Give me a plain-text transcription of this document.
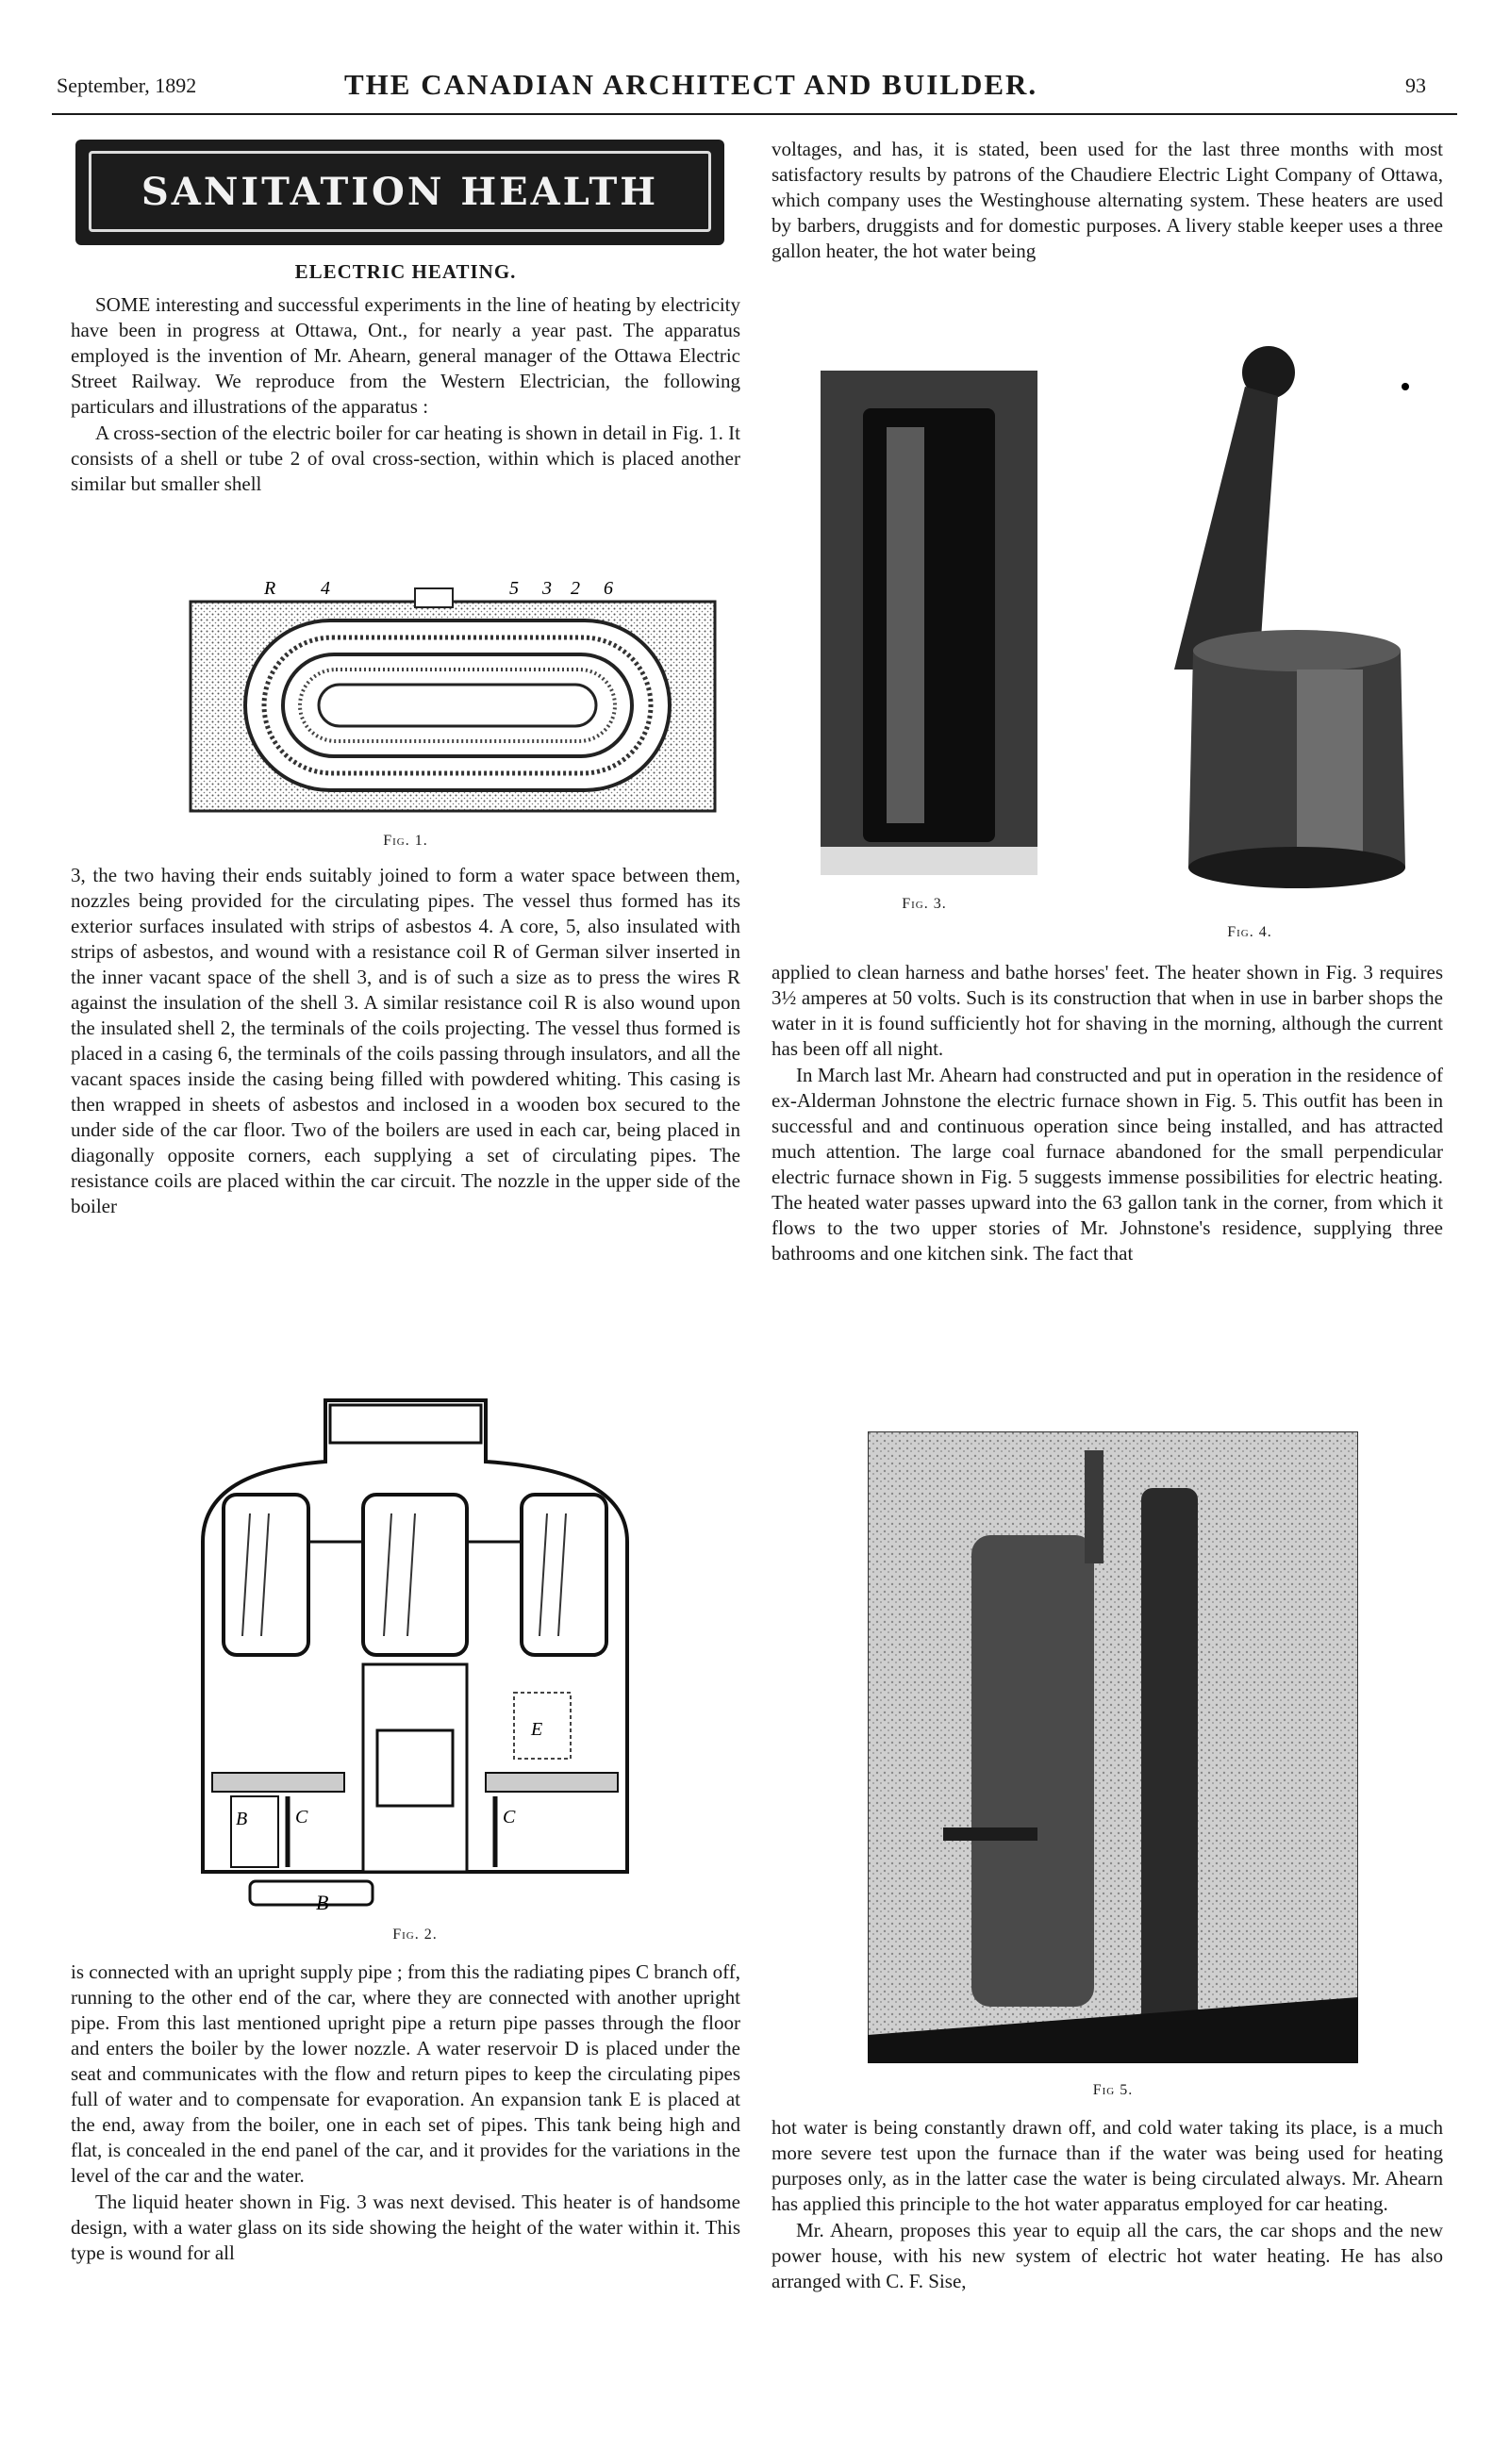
September, 1892	THE CANADIAN ARCHITECT AND BUILDER.	93
SANITATION HEALTH
ELECTRIC HEATING.

SOME interesting and successful experiments in the line of heating by electricity have been in progress at Ottawa, Ont., for nearly a year past. The apparatus employed is the invention of Mr. Ahearn, general manager of the Ottawa Electric Street Railway. We reproduce from the Western Electrician, the following particulars and illustrations of the apparatus :

A cross-section of the electric boiler for car heating is shown in detail in Fig. 1. It consists of a shell or tube 2 of oval cross-section, within which is placed another similar but smaller shell

R 4	5 3 2 6
Fig. 1.

3, the two having their ends suitably joined to form a water space between them, nozzles being provided for the circulating pipes. The vessel thus formed has its exterior surfaces insulated with strips of asbestos 4. A core, 5, also insulated with strips of asbestos, and wound with a resistance coil R of German silver inserted in the inner vacant space of the shell 3, and is of such a size as to press the wires R against the insulation of the shell 3. A similar resistance coil R is also wound upon the insulated shell 2, the terminals of the coils projecting. The vessel thus formed is placed in a casing 6, the terminals of the coils passing through insulators, and all the vacant spaces inside the casing being filled with powdered whiting. This casing is then wrapped in sheets of asbestos and inclosed in a wooden box secured to the under side of the car floor. Two of the boilers are used in each car, being placed in diagonally opposite corners, each supplying a set of circulating pipes. The resistance coils are placed within the car circuit. The nozzle in the upper side of the boiler

B	C	C
B
E
Fig. 2.

is connected with an upright supply pipe ; from this the radiating pipes C branch off, running to the other end of the car, where they are connected with another upright pipe. From this last mentioned upright pipe a return pipe passes through the floor and enters the boiler by the lower nozzle. A water reservoir D is placed under the seat and communicates with the flow and return pipes to keep the circulating pipes full of water and to compensate for evaporation. An expansion tank E is placed at the end, away from the boiler, one in each set of pipes. This tank being high and flat, is concealed in the end panel of the car, and it provides for the variations in the level of the car and the water.

The liquid heater shown in Fig. 3 was next devised. This heater is of handsome design, with a water glass on its side showing the height of the water within it. This type is wound for all

voltages, and has, it is stated, been used for the last three months with most satisfactory results by patrons of the Chaudiere Electric Light Company of Ottawa, which company uses the Westinghouse alternating system. These heaters are used by barbers, druggists and for domestic purposes. A livery stable keeper uses a three gallon heater, the hot water being

Fig. 3.
Fig. 4.

applied to clean harness and bathe horses' feet. The heater shown in Fig. 3 requires 3½ amperes at 50 volts. Such is its construction that when in use in barber shops the water in it is found sufficiently hot for shaving in the morning, although the current has been off all night.

In March last Mr. Ahearn had constructed and put in operation in the residence of ex-Alderman Johnstone the electric furnace shown in Fig. 5. This outfit has been in successful and and continuous operation since being installed, and has attracted much attention. The large coal furnace abandoned for the small perpendicular electric furnace shown in Fig. 5 suggests immense possibilities for electric heating. The heated water passes upward into the 63 gallon tank in the corner, from which it flows to the two upper stories of Mr. Johnstone's residence, supplying three bathrooms and one kitchen sink. The fact that

Fig 5.

hot water is being constantly drawn off, and cold water taking its place, is a much more severe test upon the furnace than if the water was being used for heating purposes only, as in the latter case the water is being circulated always. Mr. Ahearn has applied this principle to the hot water apparatus employed for car heating.

Mr. Ahearn, proposes this year to equip all the cars, the car shops and the new power house, with his new system of electric hot water heating. He has also arranged with C. F. Sise,
